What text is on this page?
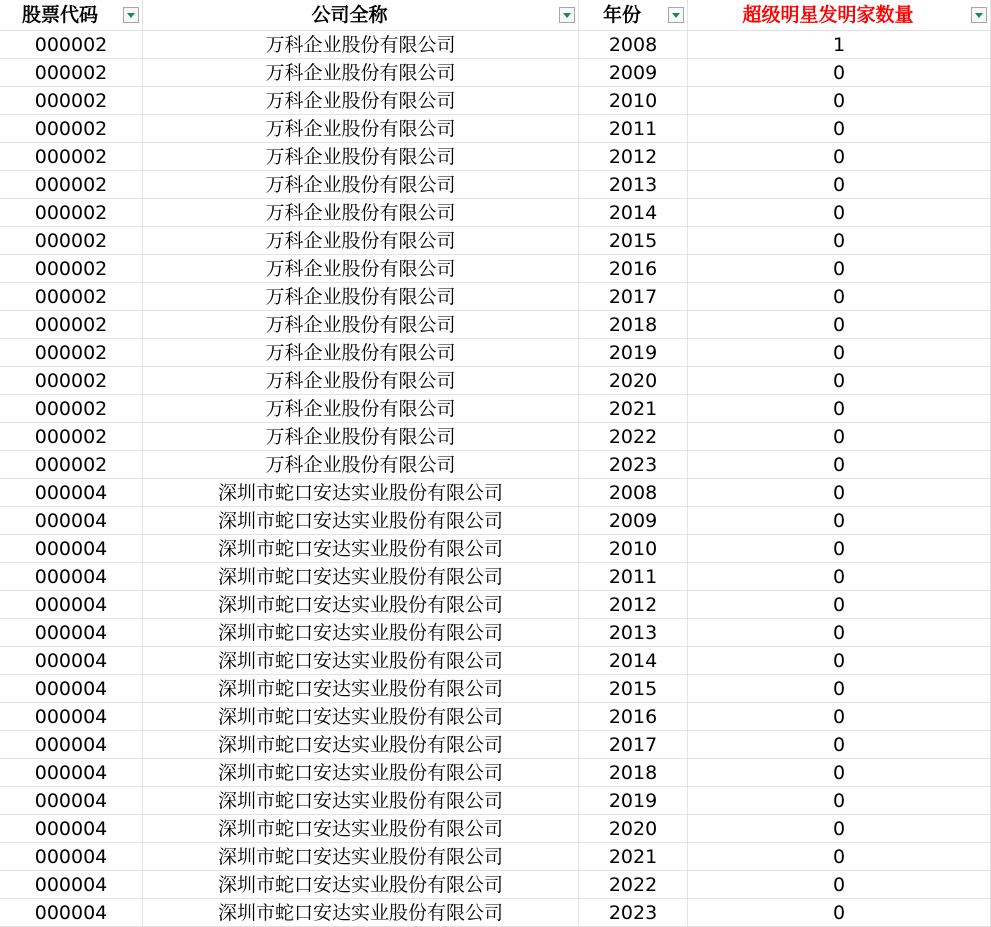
股票代码	公司全称	年份	超级明星发明家数量
000002	万科企业股份有限公司	2008	1
000002	万科企业股份有限公司	2009	0
000002	万科企业股份有限公司	2010	0
000002	万科企业股份有限公司	2011	0
000002	万科企业股份有限公司	2012	0
000002	万科企业股份有限公司	2013	0
000002	万科企业股份有限公司	2014	0
000002	万科企业股份有限公司	2015	0
000002	万科企业股份有限公司	2016	0
000002	万科企业股份有限公司	2017	0
000002	万科企业股份有限公司	2018	0
000002	万科企业股份有限公司	2019	0
000002	万科企业股份有限公司	2020	0
000002	万科企业股份有限公司	2021	0
000002	万科企业股份有限公司	2022	0
000002	万科企业股份有限公司	2023	0
000004	深圳市蛇口安达实业股份有限公司	2008	0
000004	深圳市蛇口安达实业股份有限公司	2009	0
000004	深圳市蛇口安达实业股份有限公司	2010	0
000004	深圳市蛇口安达实业股份有限公司	2011	0
000004	深圳市蛇口安达实业股份有限公司	2012	0
000004	深圳市蛇口安达实业股份有限公司	2013	0
000004	深圳市蛇口安达实业股份有限公司	2014	0
000004	深圳市蛇口安达实业股份有限公司	2015	0
000004	深圳市蛇口安达实业股份有限公司	2016	0
000004	深圳市蛇口安达实业股份有限公司	2017	0
000004	深圳市蛇口安达实业股份有限公司	2018	0
000004	深圳市蛇口安达实业股份有限公司	2019	0
000004	深圳市蛇口安达实业股份有限公司	2020	0
000004	深圳市蛇口安达实业股份有限公司	2021	0
000004	深圳市蛇口安达实业股份有限公司	2022	0
000004	深圳市蛇口安达实业股份有限公司	2023	0
